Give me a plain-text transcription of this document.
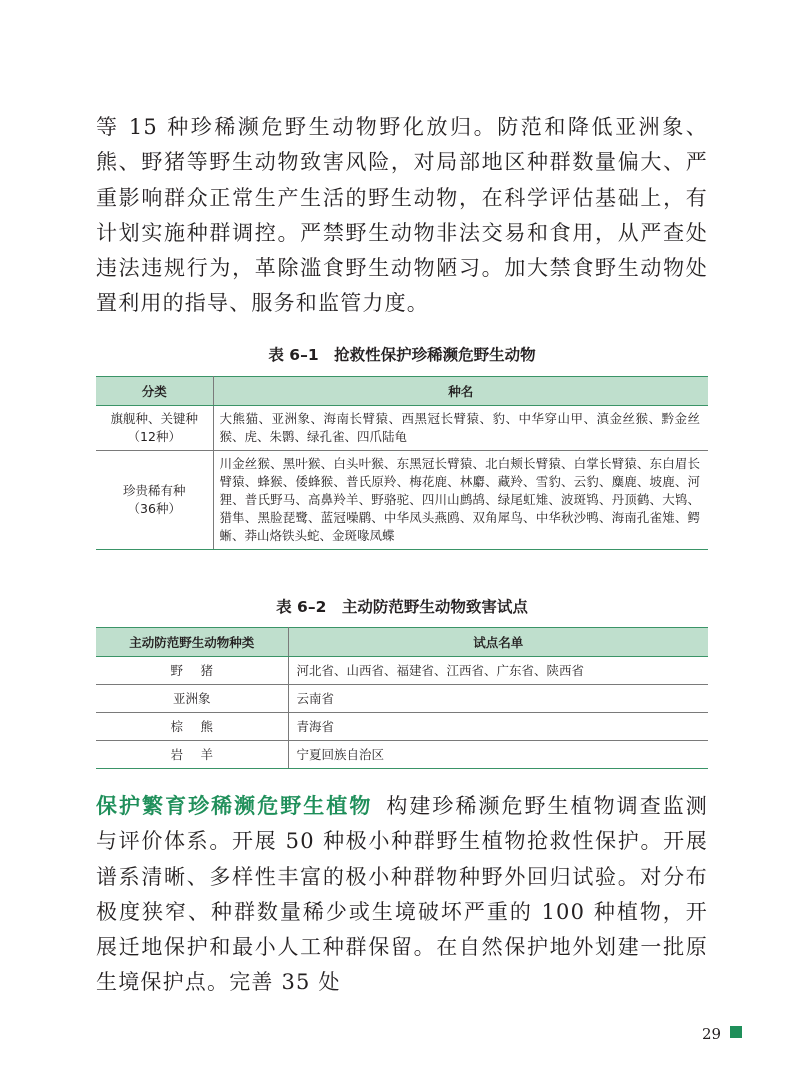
等 15 种珍稀濒危野生动物野化放归。防范和降低亚洲象、熊、野猪等野生动物致害风险，对局部地区种群数量偏大、严重影响群众正常生产生活的野生动物，在科学评估基础上，有计划实施种群调控。严禁野生动物非法交易和食用，从严查处违法违规行为，革除滥食野生动物陋习。加大禁食野生动物处置利用的指导、服务和监管力度。

表 6–1　抢救性保护珍稀濒危野生动物
分类	种名

旗舰种、关键种
（12种）	大熊猫、亚洲象、海南长臂猿、西黑冠长臂猿、豹、中华穿山甲、滇金丝猴、黔金丝猴、虎、朱鹮、绿孔雀、四爪陆龟

珍贵稀有种
（36种）	川金丝猴、黑叶猴、白头叶猴、东黑冠长臂猿、北白颊长臂猿、白掌长臂猿、东白眉长臂猿、蜂猴、倭蜂猴、普氏原羚、梅花鹿、林麝、藏羚、雪豹、云豹、麋鹿、坡鹿、河狸、普氏野马、高鼻羚羊、野骆驼、四川山鹧鸪、绿尾虹雉、波斑鸨、丹顶鹤、大鸨、猎隼、黑脸琵鹭、蓝冠噪鹛、中华凤头燕鸥、双角犀鸟、中华秋沙鸭、海南孔雀雉、鳄蜥、莽山烙铁头蛇、金斑喙凤蝶
表 6–2　主动防范野生动物致害试点
主动防范野生动物种类	试点名单
野猪	河北省、山西省、福建省、江西省、广东省、陕西省
亚洲象	云南省
棕熊	青海省
岩羊	宁夏回族自治区

保护繁育珍稀濒危野生植物 构建珍稀濒危野生植物调查监测与评价体系。开展 50 种极小种群野生植物抢救性保护。开展谱系清晰、多样性丰富的极小种群物种野外回归试验。对分布极度狭窄、种群数量稀少或生境破坏严重的 100 种植物，开展迁地保护和最小人工种群保留。在自然保护地外划建一批原生境保护点。完善 35 处

29
